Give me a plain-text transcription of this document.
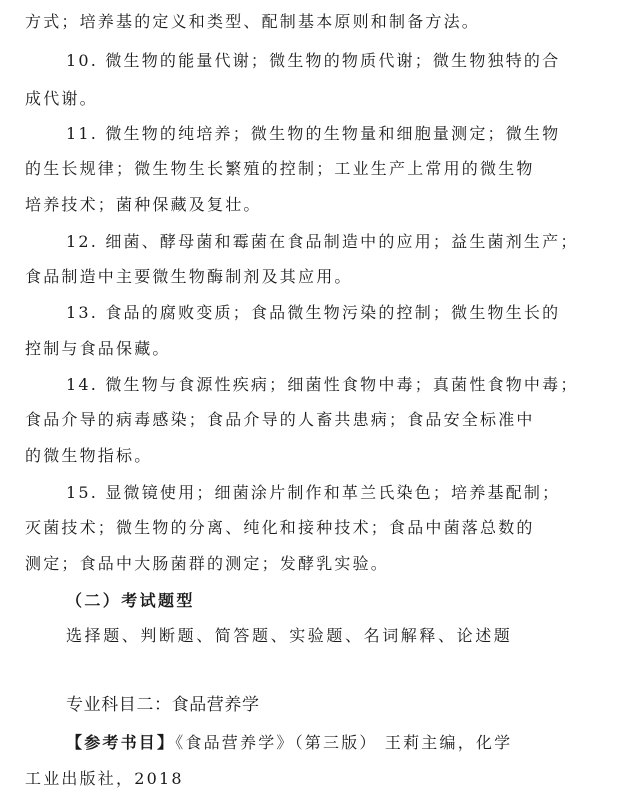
方式；培养基的定义和类型、配制基本原则和制备方法。
10. 微生物的能量代谢；微生物的物质代谢；微生物独特的合
成代谢。
11. 微生物的纯培养；微生物的生物量和细胞量测定；微生物
的生长规律；微生物生长繁殖的控制；工业生产上常用的微生物
培养技术；菌种保藏及复壮。
12. 细菌、酵母菌和霉菌在食品制造中的应用；益生菌剂生产；
食品制造中主要微生物酶制剂及其应用。
13. 食品的腐败变质；食品微生物污染的控制；微生物生长的
控制与食品保藏。
14. 微生物与食源性疾病；细菌性食物中毒；真菌性食物中毒；
食品介导的病毒感染；食品介导的人畜共患病；食品安全标准中
的微生物指标。
15. 显微镜使用；细菌涂片制作和革兰氏染色；培养基配制；
灭菌技术；微生物的分离、纯化和接种技术；食品中菌落总数的
测定；食品中大肠菌群的测定；发酵乳实验。
（二）考试题型
选择题、判断题、简答题、实验题、名词解释、论述题
专业科目二：食品营养学
【参考书目】《食品营养学》（第三版） 王莉主编，化学
工业出版社，2018
